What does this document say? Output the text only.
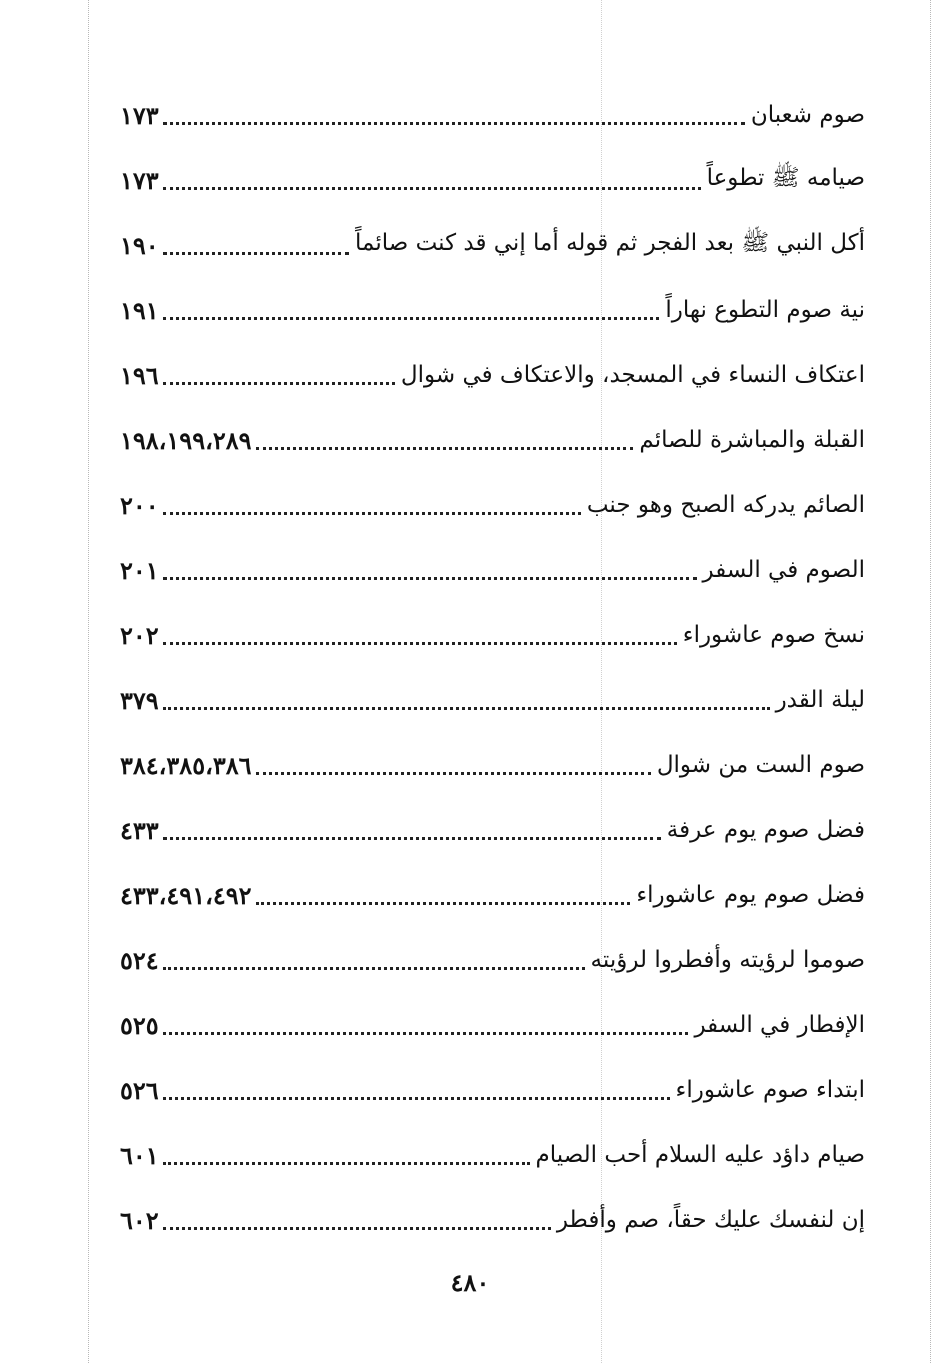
صوم شعبان
١٧٣
صيامه ﷺ تطوعاً
١٧٣
أكل النبي ﷺ بعد الفجر ثم قوله أما إني قد كنت صائماً
١٩٠
نية صوم التطوع نهاراً
١٩١
اعتكاف النساء في المسجد، والاعتكاف في شوال
١٩٦
القبلة والمباشرة للصائم
١٩٨،١٩٩،٢٨٩
الصائم يدركه الصبح وهو جنب
٢٠٠
الصوم في السفر
٢٠١
نسخ صوم عاشوراء
٢٠٢
ليلة القدر
٣٧٩
صوم الست من شوال
٣٨٤،٣٨٥،٣٨٦
فضل صوم يوم عرفة
٤٣٣
فضل صوم يوم عاشوراء
٤٣٣،٤٩١،٤٩٢
صوموا لرؤيته وأفطروا لرؤيته
٥٢٤
الإفطار في السفر
٥٢٥
ابتداء صوم عاشوراء
٥٢٦
صيام داؤد عليه السلام أحب الصيام
٦٠١
إن لنفسك عليك حقاً، صم وأفطر
٦٠٢
٤٨٠
